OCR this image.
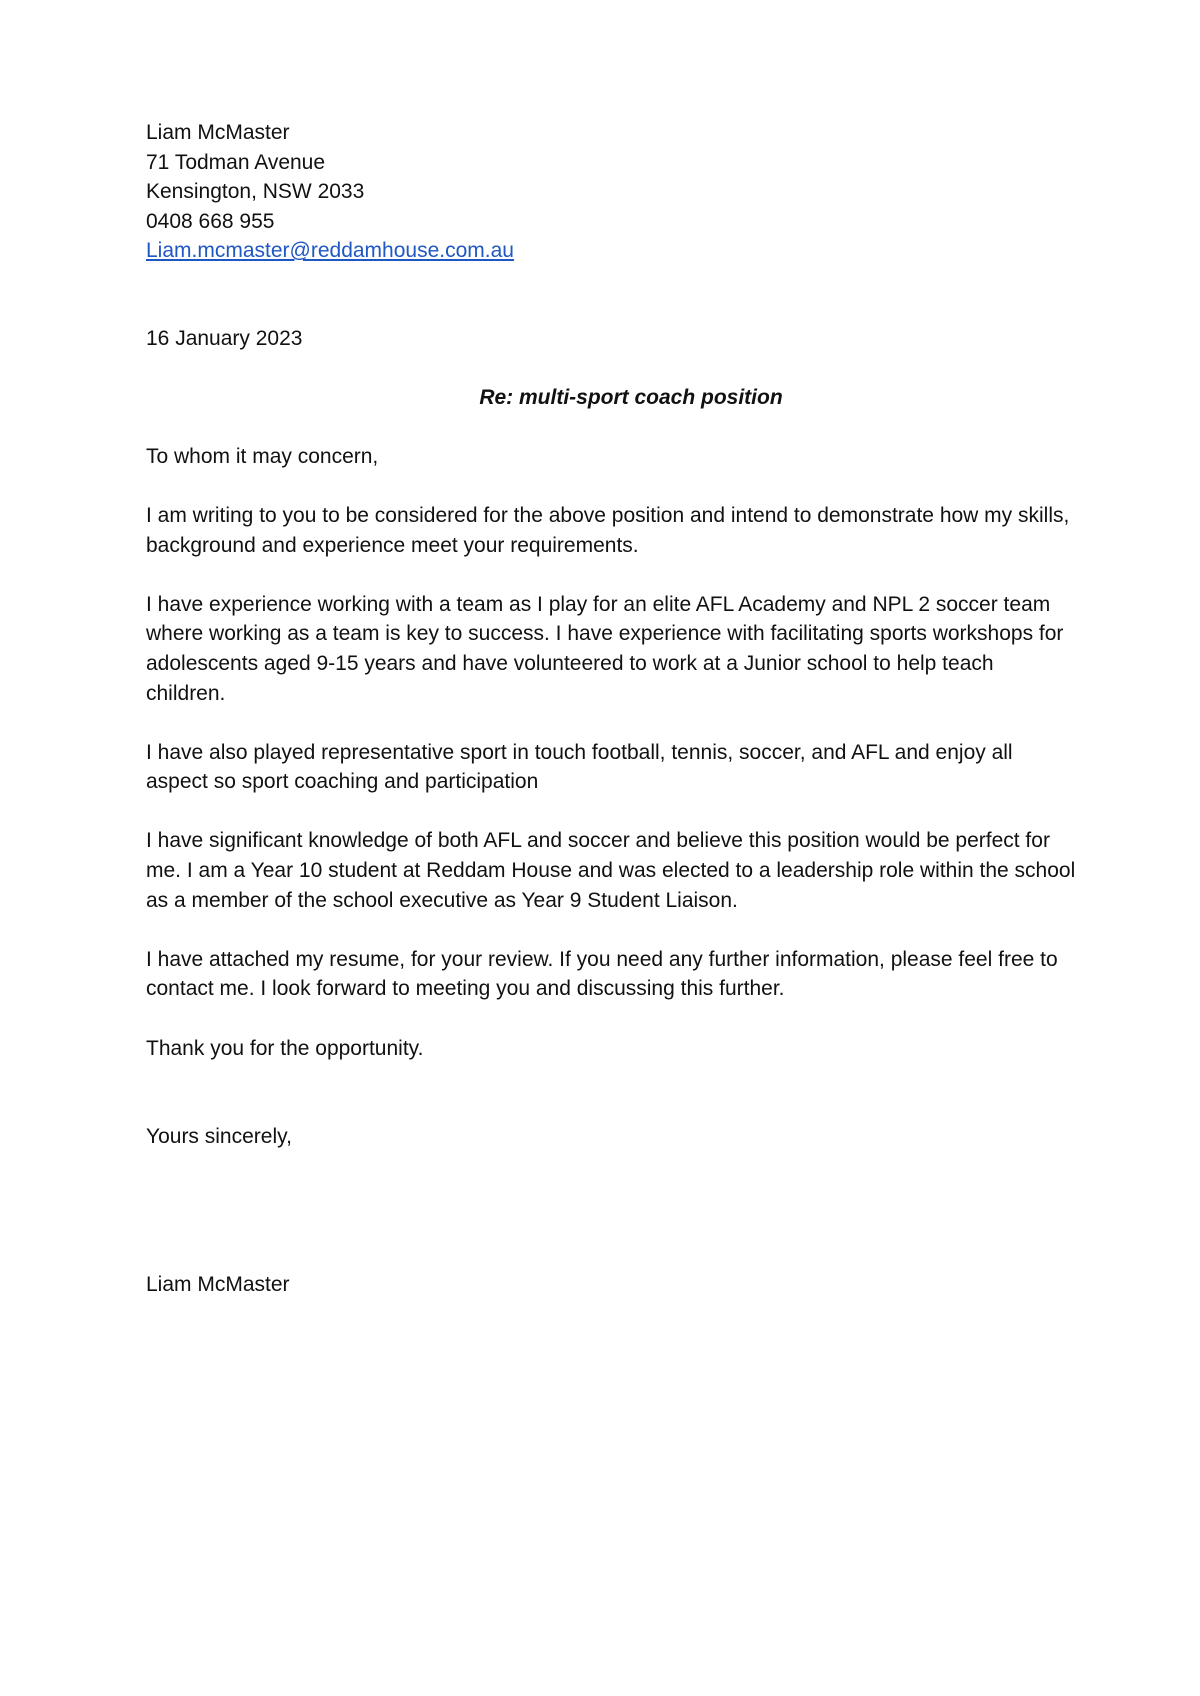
Liam McMaster
71 Todman Avenue
Kensington, NSW 2033
0408 668 955
Liam.mcmaster@reddamhouse.com.au
16 January 2023
Re: multi-sport coach position
To whom it may concern,
I am writing to you to be considered for the above position and intend to demonstrate how my skills, background and experience meet your requirements.
I have experience working with a team as I play for an elite AFL Academy and NPL 2 soccer team where working as a team is key to success. I have experience with facilitating sports workshops for adolescents aged 9-15 years and have volunteered to work at a Junior school to help teach children.
I have also played representative sport in touch football, tennis, soccer, and AFL and enjoy all aspect so sport coaching and participation
I have significant knowledge of both AFL and soccer and believe this position would be perfect for me. I am a Year 10 student at Reddam House and was elected to a leadership role within the school as a member of the school executive as Year 9 Student Liaison.
I have attached my resume, for your review. If you need any further information, please feel free to contact me. I look forward to meeting you and discussing this further.
Thank you for the opportunity.
Yours sincerely,
Liam McMaster
